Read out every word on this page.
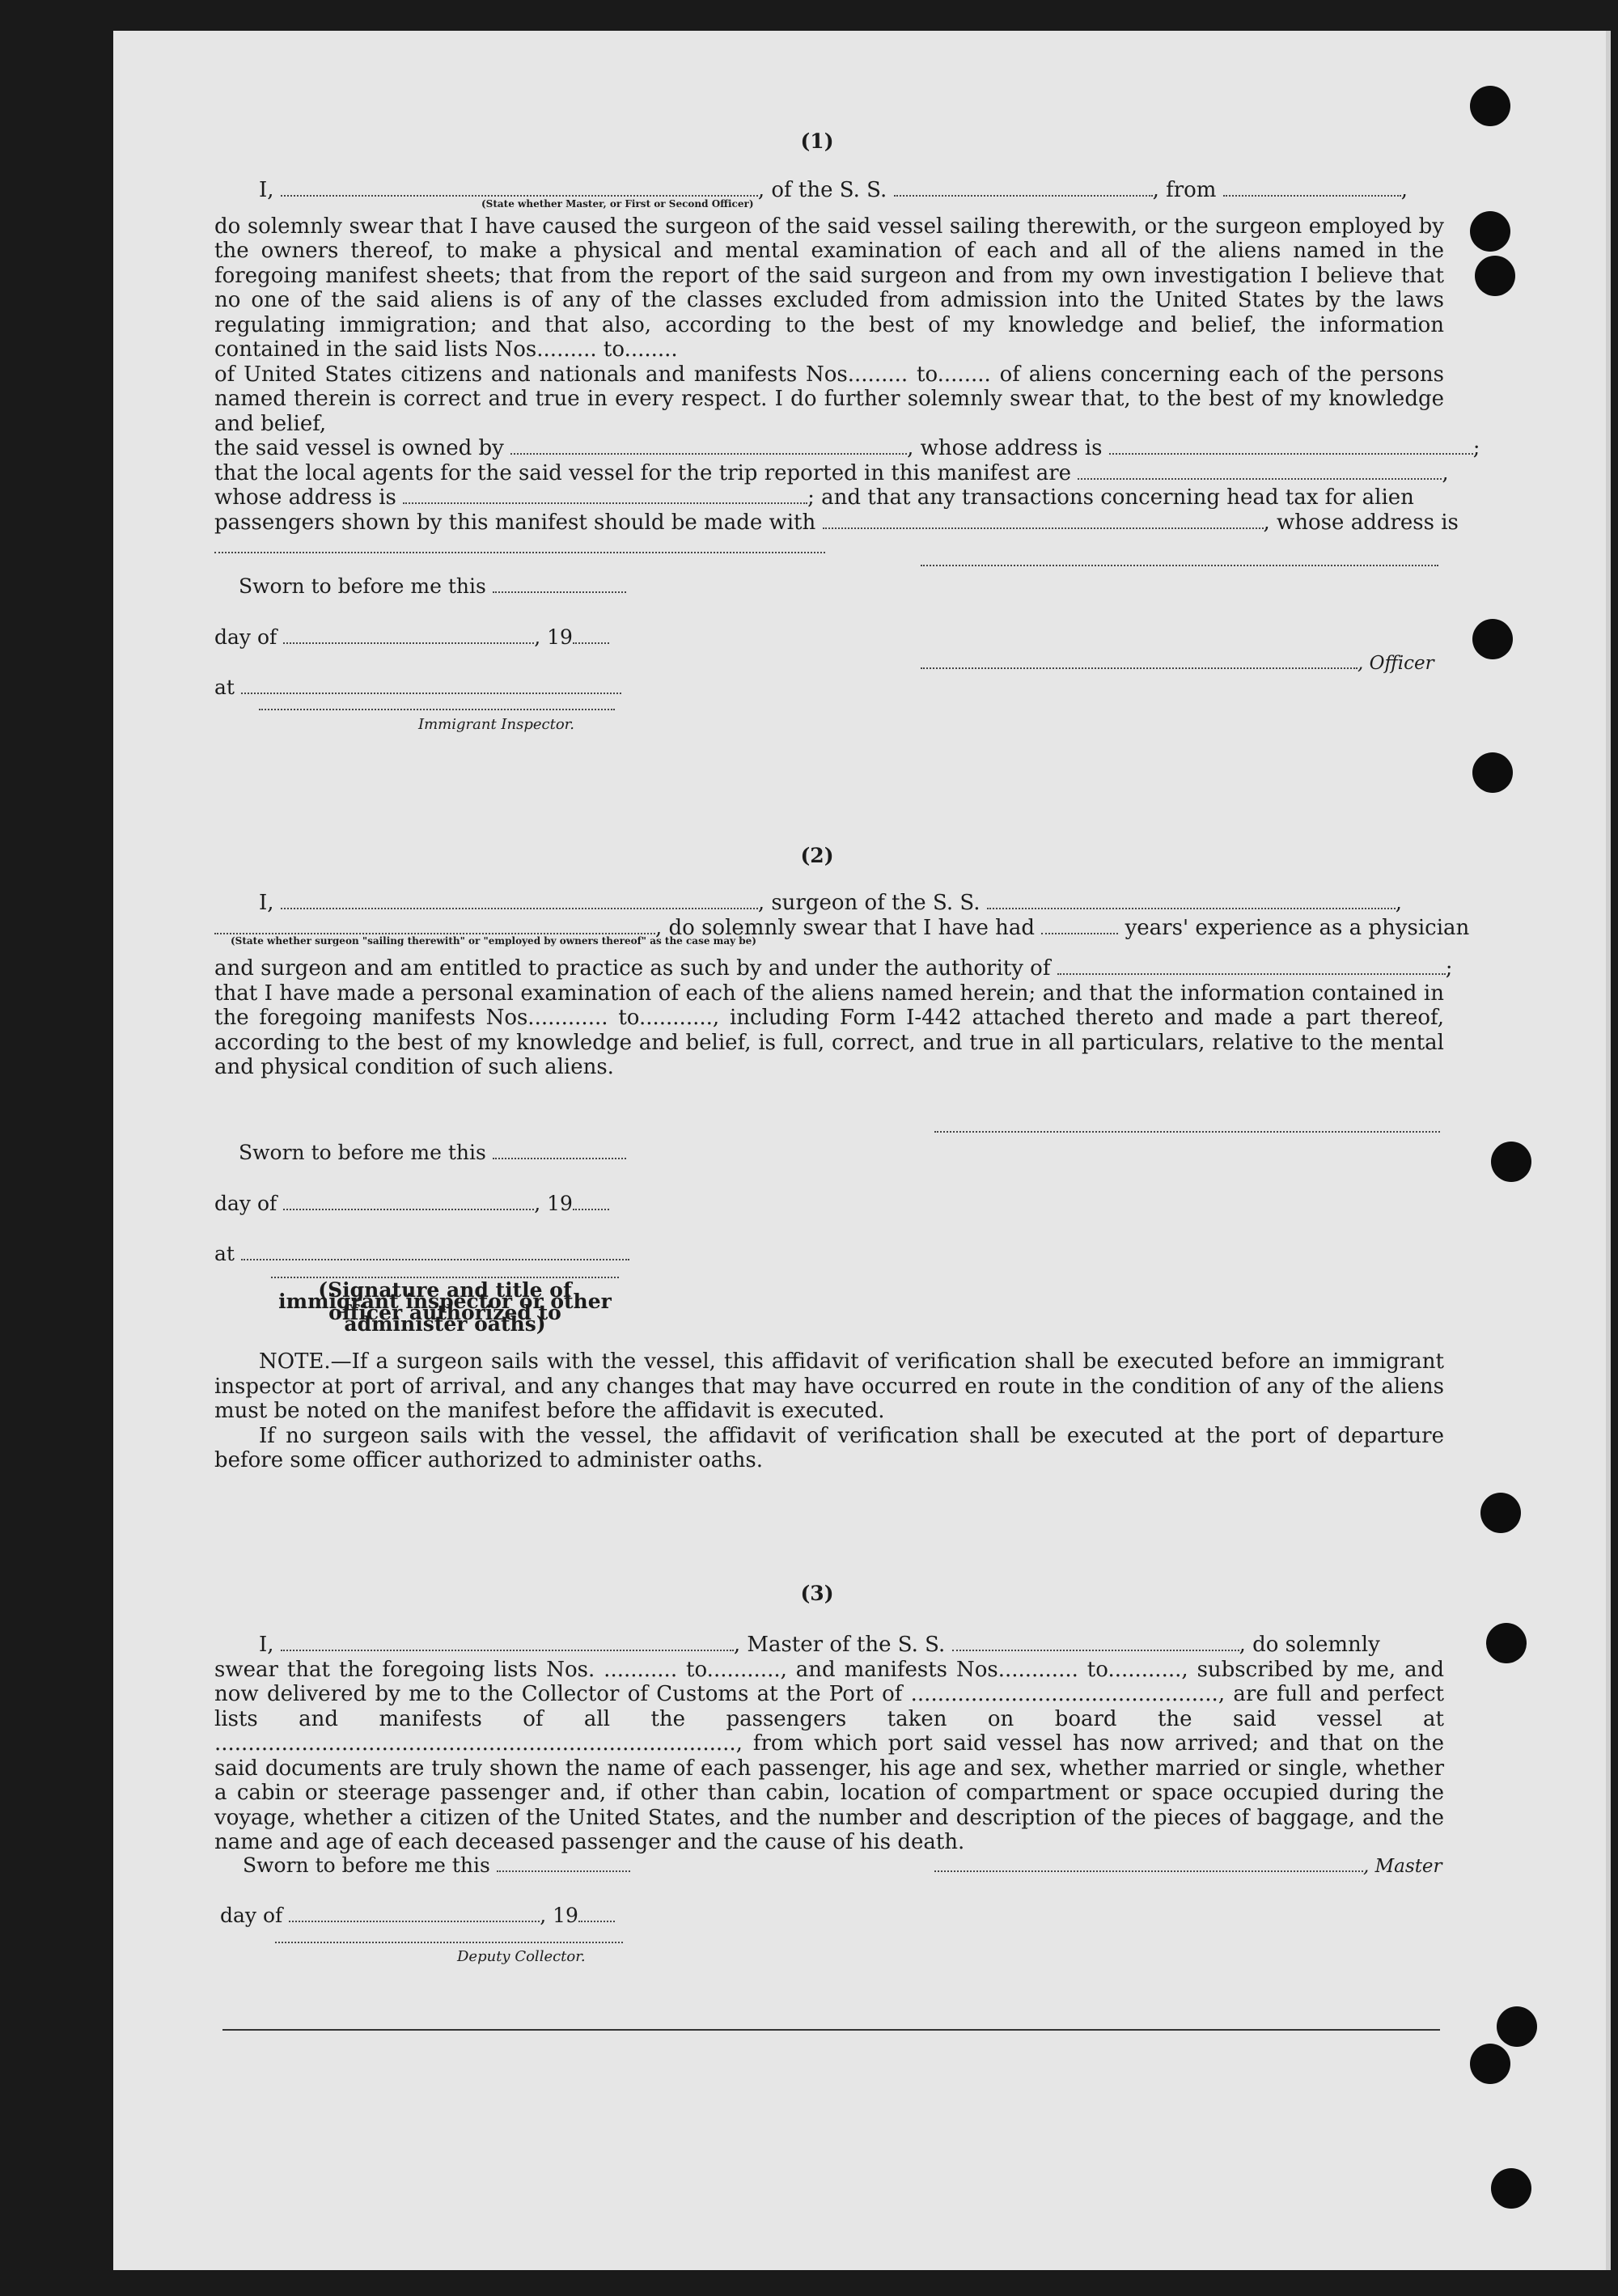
(1)
I,	, of the S. S.	, from	,
(State whether Master, or First or Second Officer)
do solemnly swear that I have caused the surgeon of the said vessel sailing therewith, or the surgeon employed by the owners thereof, to make a physical and mental examination of each and all of the aliens named in the foregoing manifest sheets; that from the report of the said surgeon and from my own investigation I believe that no one of the said aliens is of any of the classes excluded from admission into the United States by the laws regulating immigration; and that also, according to the best of my knowledge and belief, the information contained in the said lists Nos......... to........
of United States citizens and nationals and manifests Nos......... to........ of aliens concerning each of the persons named therein is correct and true in every respect. I do further solemnly swear that, to the best of my knowledge and belief,
the said vessel is owned by	, whose address is	;
that the local agents for the said vessel for the trip reported in this manifest are	,
whose address is	; and that any transactions concerning head tax for alien
passengers shown by this manifest should be made with	, whose address is
Sworn to before me this
day of	, 19
at
Immigrant Inspector.
, Officer
(2)
I,	, surgeon of the S. S.	,
, do solemnly swear that I have had	years' experience as a physician
(State whether surgeon "sailing therewith" or "employed by owners thereof" as the case may be)
and surgeon and am entitled to practice as such by and under the authority of	;
that I have made a personal examination of each of the aliens named herein; and that the information contained in the foregoing manifests Nos............ to..........., including Form I-442 attached thereto and made a part thereof, according to the best of my knowledge and belief, is full, correct, and true in all particulars, relative to the mental and physical condition of such aliens.
Sworn to before me this
day of	, 19
at
(Signature and title of immigrant inspector or other officer authorized to administer oaths)
NOTE.—If a surgeon sails with the vessel, this affidavit of verification shall be executed before an immigrant inspector at port of arrival, and any changes that may have occurred en route in the condition of any of the aliens must be noted on the manifest before the affidavit is executed.
If no surgeon sails with the vessel, the affidavit of verification shall be executed at the port of departure before some officer authorized to administer oaths.
(3)
I,	, Master of the S. S.	, do solemnly
swear that the foregoing lists Nos. ........... to..........., and manifests Nos............ to..........., subscribed by me, and now delivered by me to the Collector of Customs at the Port of .............................................., are full and perfect lists and manifests of all the passengers taken on board the said vessel at .............................................................................., from which port said vessel has now arrived; and that on the said documents are truly shown the name of each passenger, his age and sex, whether married or single, whether a cabin or steerage passenger and, if other than cabin, location of compartment or space occupied during the voyage, whether a citizen of the United States, and the number and description of the pieces of baggage, and the name and age of each deceased passenger and the cause of his death.
Sworn to before me this	, Master
day of	, 19
Deputy Collector.
